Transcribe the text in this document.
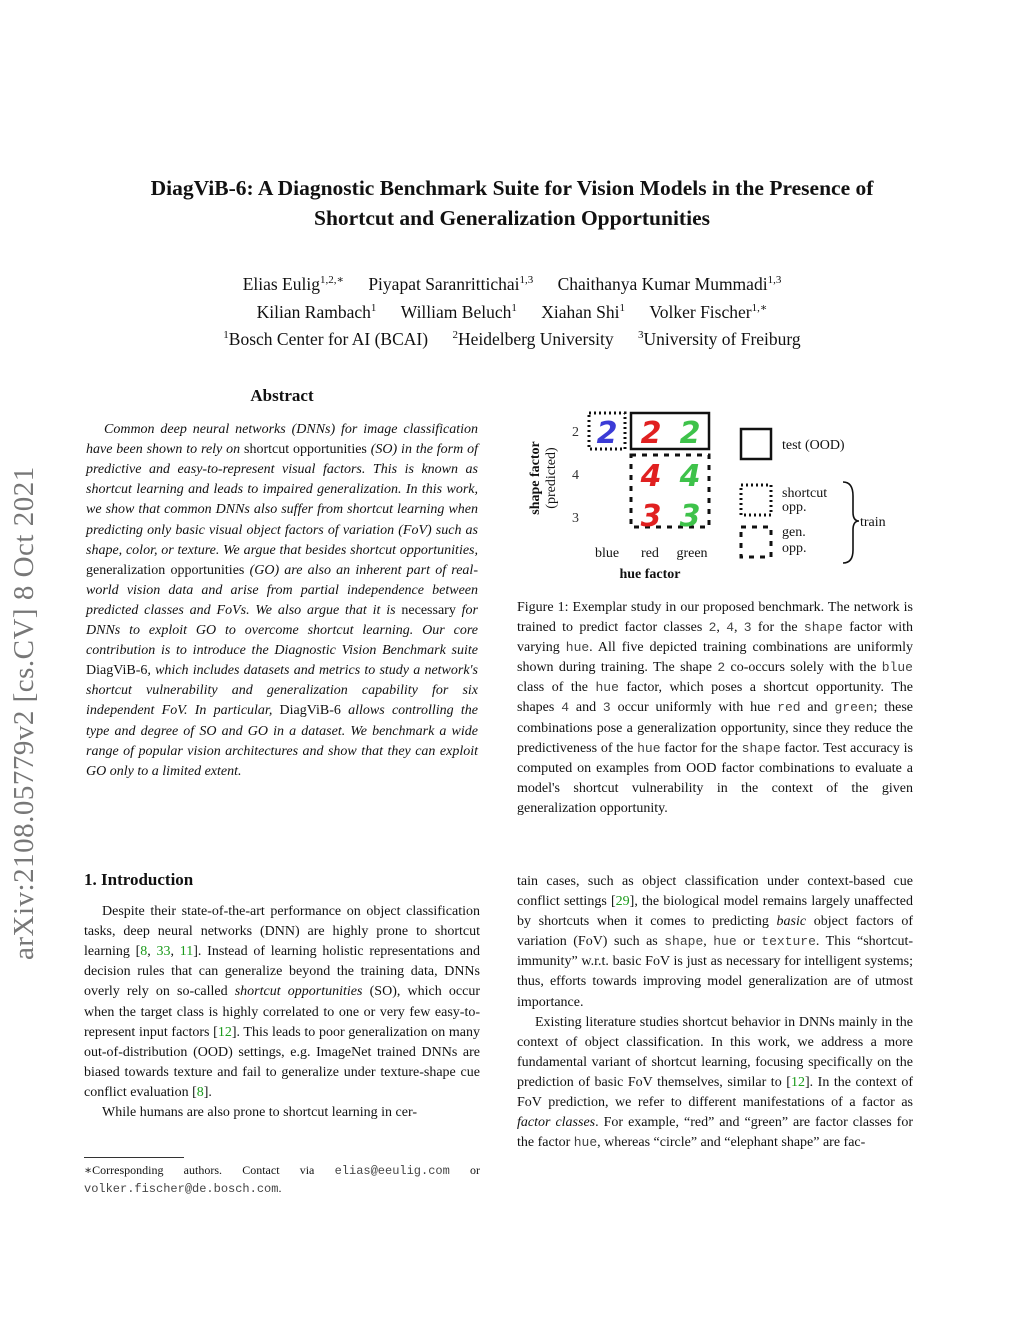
DiagViB-6: A Diagnostic Benchmark Suite for Vision Models in the Presence of
Shortcut and Generalization Opportunities
Elias Eulig$^{1,2,∗}$ Piyapat Saranrittichai$^{1,3}$ Chaithanya Kumar Mummadi$^{1,3}$
Kilian Rambach$^1$ William Beluch$^1$ Xiahan Shi$^1$ Volker Fischer$^{1,∗}$
$^1$Bosch Center for AI (BCAI) $^2$Heidelberg University $^3$University of Freiburg
arXiv:2108.05779v2 [cs.CV] 8 Oct 2021
Abstract

Common deep neural networks (DNNs) for image classification have been shown to rely on shortcut opportunities (SO) in the form of predictive and easy-to-represent visual factors. This is known as shortcut learning and leads to impaired generalization. In this work, we show that common DNNs also suffer from shortcut learning when predicting only basic visual object factors of variation (FoV) such as shape, color, or texture. We argue that besides shortcut opportunities, generalization opportunities (GO) are also an inherent part of real-world vision data and arise from partial independence between predicted classes and FoVs. We also argue that it is necessary for DNNs to exploit GO to overcome shortcut learning. Our core contribution is to introduce the Diagnostic Vision Benchmark suite DiagViB-6, which includes datasets and metrics to study a network's shortcut vulnerability and generalization capability for six independent FoV. In particular, DiagViB-6 allows controlling the type and degree of SO and GO in a dataset. We benchmark a wide range of popular vision architectures and show that they can exploit GO only to a limited extent.

1. Introduction

Despite their state-of-the-art performance on object classification tasks, deep neural networks (DNN) are highly prone to shortcut learning [8, 33, 11]. Instead of learning holistic representations and decision rules that can generalize beyond the training data, DNNs overly rely on so-called shortcut opportunities (SO), which occur when the target class is highly correlated to one or very few easy-to-represent input factors [12]. This leads to poor generalization on many out-of-distribution (OOD) settings, e.g. ImageNet trained DNNs are biased towards texture and fail to generalize under texture-shape cue conflict evaluation [8].

While humans are also prone to shortcut learning in cer-

∗Corresponding authors. Contact via elias@eeulig.com or volker.fischer@de.bosch.com.
shape factor (predicted)
2
4
3
2 2 2
4 4
3 3
blue red green
hue factor
test (OOD)
shortcut
opp.
gen.
opp.
train
Figure 1: Exemplar study in our proposed benchmark. The network is trained to predict factor classes 2, 4, 3 for the shape factor with varying hue. All five depicted training combinations are uniformly shown during training. The shape 2 co-occurs solely with the blue class of the hue factor, which poses a shortcut opportunity. The shapes 4 and 3 occur uniformly with hue red and green; these combinations pose a generalization opportunity, since they reduce the predictiveness of the hue factor for the shape factor. Test accuracy is computed on examples from OOD factor combinations to evaluate a model's shortcut vulnerability in the context of the given generalization opportunity.

tain cases, such as object classification under context-based cue conflict settings [29], the biological model remains largely unaffected by shortcuts when it comes to predicting basic object factors of variation (FoV) such as shape, hue or texture. This “shortcut-immunity” w.r.t. basic FoV is just as necessary for intelligent systems; thus, efforts towards improving model generalization are of utmost importance.

Existing literature studies shortcut behavior in DNNs mainly in the context of object classification. In this work, we address a more fundamental variant of shortcut learning, focusing specifically on the prediction of basic FoV themselves, similar to [12]. In the context of FoV prediction, we refer to different manifestations of a factor as factor classes. For example, “red” and “green” are factor classes for the factor hue, whereas “circle” and “elephant shape” are fac-
